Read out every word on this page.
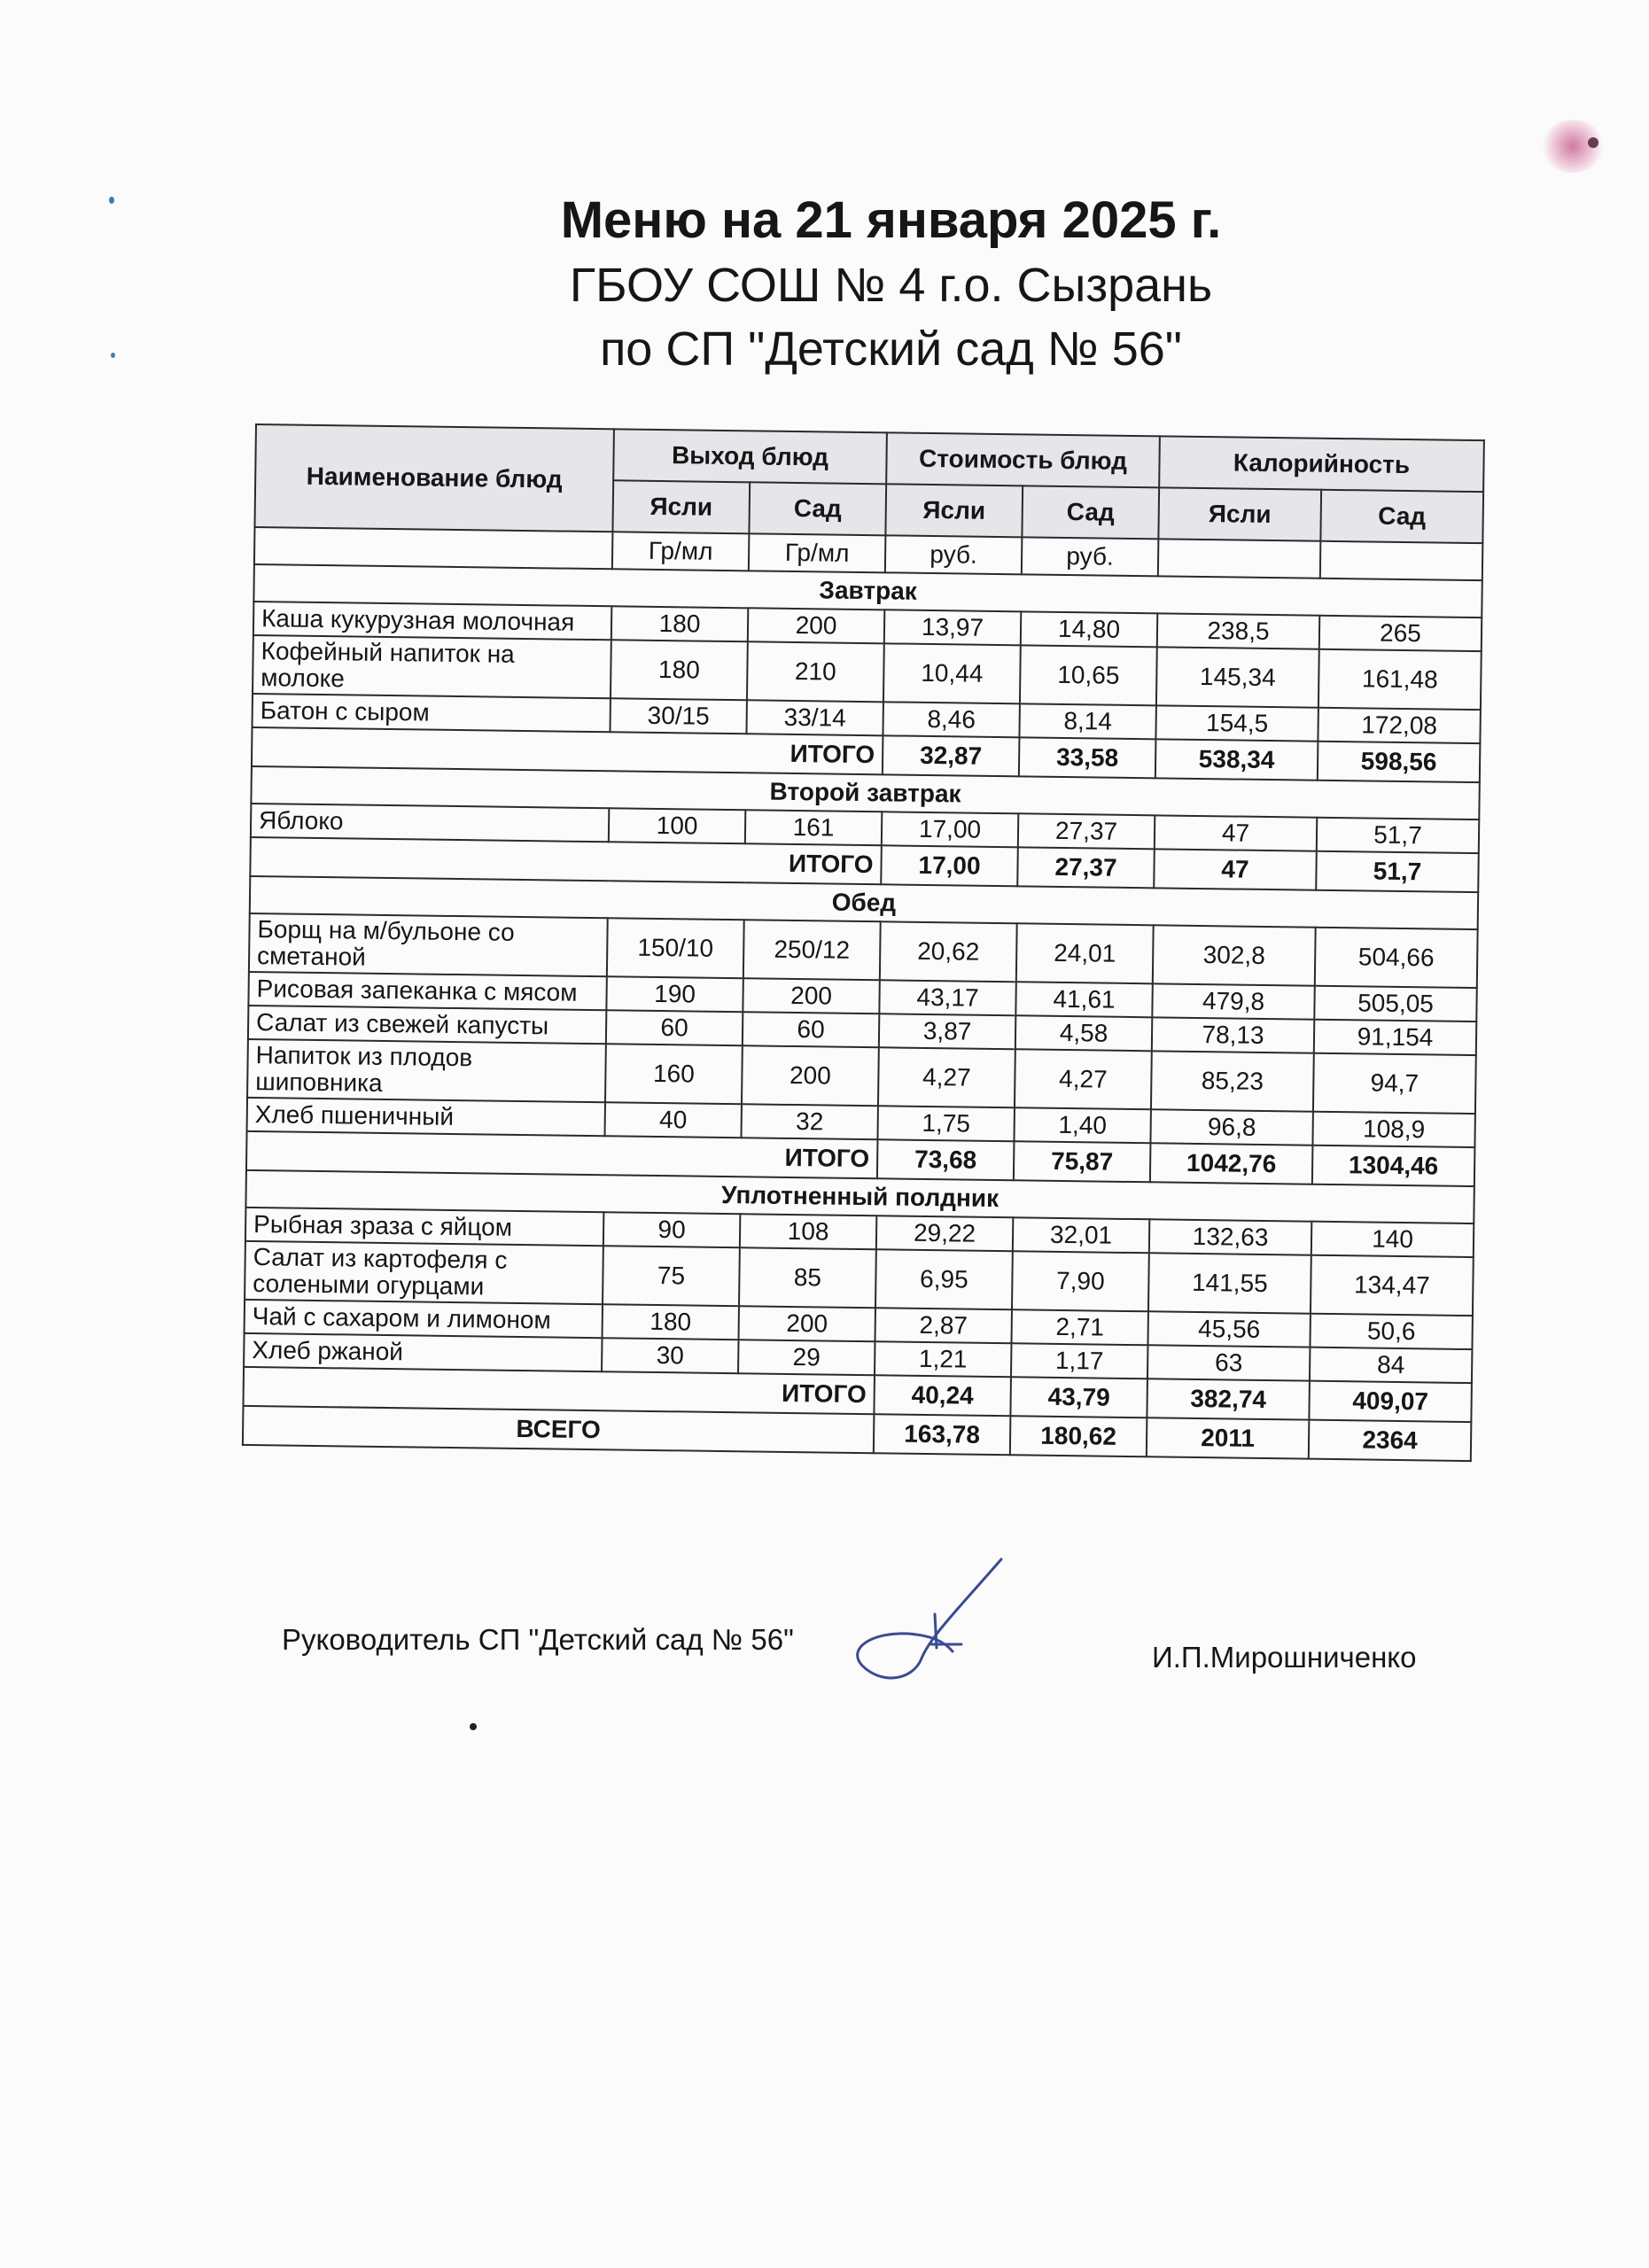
Меню на 21 января 2025 г.
ГБОУ СОШ № 4 г.о. Сызрань
по СП "Детский сад № 56"
Наименование блюд	Выход блюд		Стоимость блюд		Калорийность	
	Ясли	Сад	Ясли	Сад	Ясли	Сад
	Гр/мл	Гр/мл	руб.	руб.		
Завтрак						
Каша кукурузная молочная	180	200	13,97	14,80	238,5	265
Кофейный напиток на молоке	180	210	10,44	10,65	145,34	161,48
Батон с сыром	30/15	33/14	8,46	8,14	154,5	172,08
ИТОГО			32,87	33,58	538,34	598,56
Второй завтрак						
Яблоко	100	161	17,00	27,37	47	51,7
ИТОГО			17,00	27,37	47	51,7
Обед						
Борщ на м/бульоне со сметаной	150/10	250/12	20,62	24,01	302,8	504,66
Рисовая запеканка с мясом	190	200	43,17	41,61	479,8	505,05
Салат из свежей капусты	60	60	3,87	4,58	78,13	91,154
Напиток из плодов шиповника	160	200	4,27	4,27	85,23	94,7
Хлеб пшеничный	40	32	1,75	1,40	96,8	108,9
ИТОГО			73,68	75,87	1042,76	1304,46
Уплотненный полдник						
Рыбная зраза с яйцом	90	108	29,22	32,01	132,63	140
Салат из картофеля с солеными огурцами	75	85	6,95	7,90	141,55	134,47
Чай с сахаром и лимоном	180	200	2,87	2,71	45,56	50,6
Хлеб ржаной	30	29	1,21	1,17	63	84
ИТОГО			40,24	43,79	382,74	409,07
ВСЕГО			163,78	180,62	2011	2364
Руководитель СП "Детский сад № 56"
И.П.Мирошниченко
